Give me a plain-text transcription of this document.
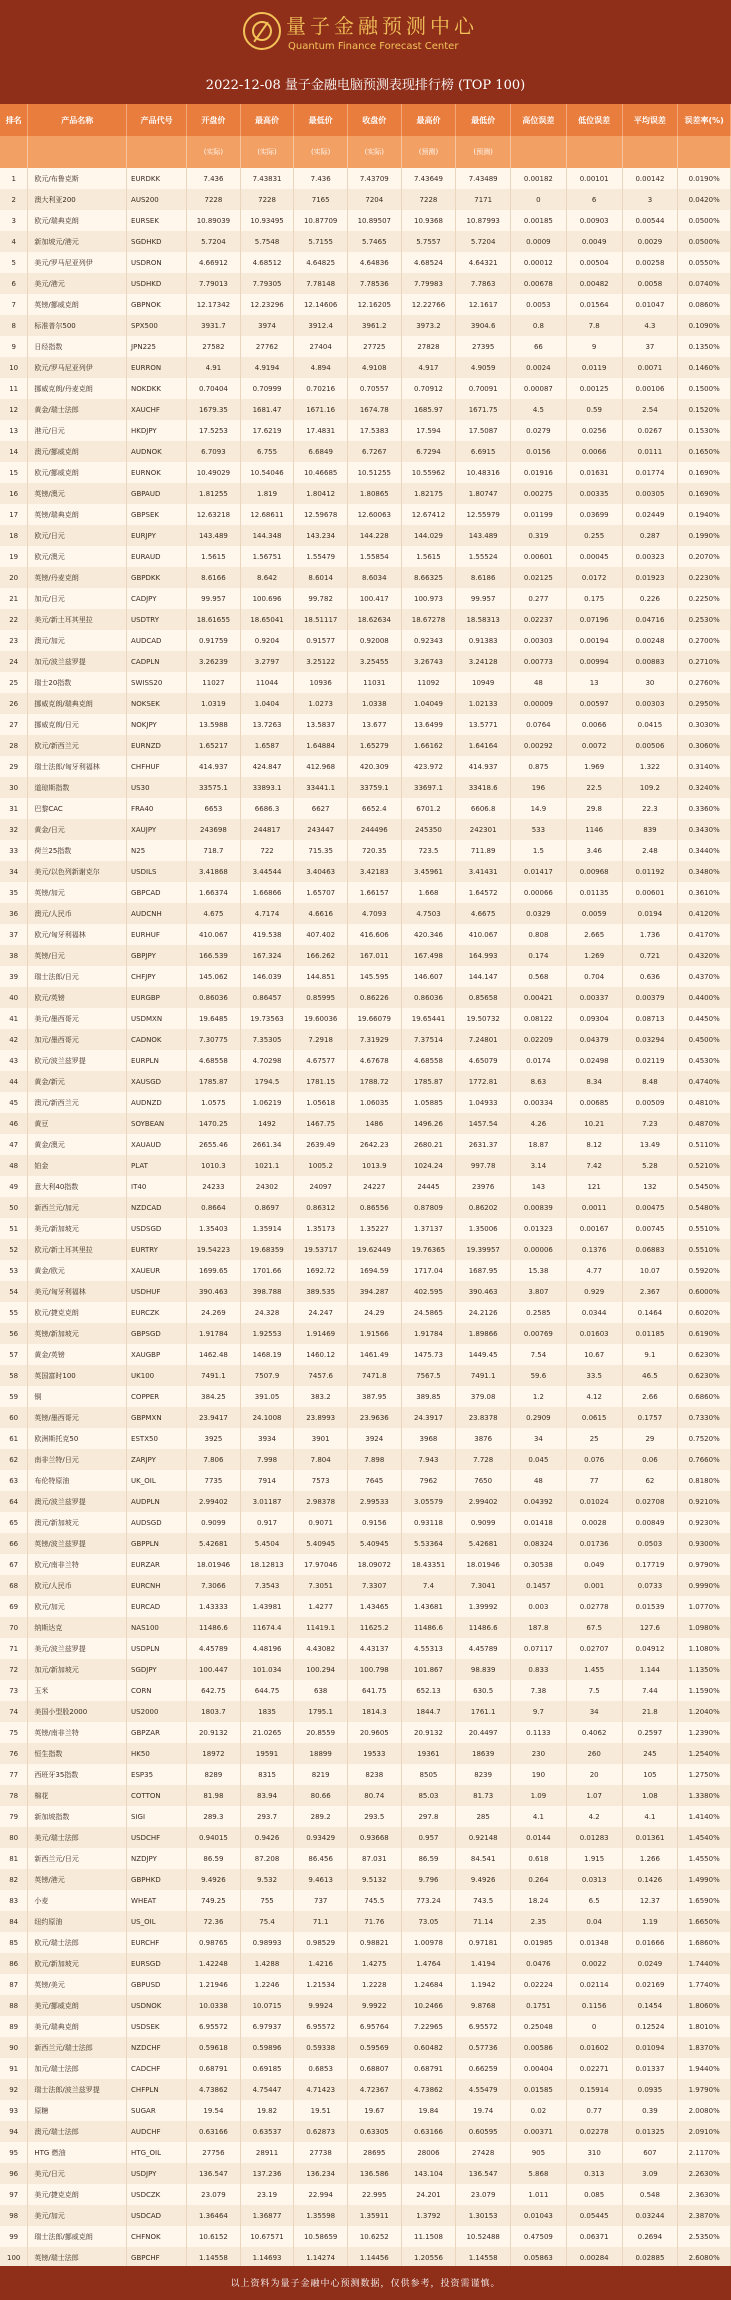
量子金融预测中心
Quantum Finance Forecast Center
2022-12-08 量子金融电脑预测表现排行榜 (TOP 100)
排名	产品名称	产品代号	开盘价	最高价	最低价	收盘价	最高价	最低价	高位误差	低位误差	平均误差	误差率(%)
			(实际)	(实际)	(实际)	(实际)	(预测)	(预测)				
1	欧元/布鲁克斯	EURDKK	7.436	7.43831	7.436	7.43709	7.43649	7.43489	0.00182	0.00101	0.00142	0.0190%
2	澳大利亚200	AUS200	7228	7228	7165	7204	7228	7171	0	6	3	0.0420%
3	欧元/瑞典克朗	EURSEK	10.89039	10.93495	10.87709	10.89507	10.9368	10.87993	0.00185	0.00903	0.00544	0.0500%
4	新加坡元/港元	SGDHKD	5.7204	5.7548	5.7155	5.7465	5.7557	5.7204	0.0009	0.0049	0.0029	0.0500%
5	美元/罗马尼亚列伊	USDRON	4.66912	4.68512	4.64825	4.64836	4.68524	4.64321	0.00012	0.00504	0.00258	0.0550%
6	美元/港元	USDHKD	7.79013	7.79305	7.78148	7.78536	7.79983	7.7863	0.00678	0.00482	0.0058	0.0740%
7	英镑/挪威克朗	GBPNOK	12.17342	12.23296	12.14606	12.16205	12.22766	12.1617	0.0053	0.01564	0.01047	0.0860%
8	标准普尔500	SPX500	3931.7	3974	3912.4	3961.2	3973.2	3904.6	0.8	7.8	4.3	0.1090%
9	日经指数	JPN225	27582	27762	27404	27725	27828	27395	66	9	37	0.1350%
10	欧元/罗马尼亚列伊	EURRON	4.91	4.9194	4.894	4.9108	4.917	4.9059	0.0024	0.0119	0.0071	0.1460%
11	挪威克朗/丹麦克朗	NOKDKK	0.70404	0.70999	0.70216	0.70557	0.70912	0.70091	0.00087	0.00125	0.00106	0.1500%
12	黄金/瑞士法郎	XAUCHF	1679.35	1681.47	1671.16	1674.78	1685.97	1671.75	4.5	0.59	2.54	0.1520%
13	港元/日元	HKDJPY	17.5253	17.6219	17.4831	17.5383	17.594	17.5087	0.0279	0.0256	0.0267	0.1530%
14	澳元/挪威克朗	AUDNOK	6.7093	6.755	6.6849	6.7267	6.7294	6.6915	0.0156	0.0066	0.0111	0.1650%
15	欧元/挪威克朗	EURNOK	10.49029	10.54046	10.46685	10.51255	10.55962	10.48316	0.01916	0.01631	0.01774	0.1690%
16	英镑/澳元	GBPAUD	1.81255	1.819	1.80412	1.80865	1.82175	1.80747	0.00275	0.00335	0.00305	0.1690%
17	英镑/瑞典克朗	GBPSEK	12.63218	12.68611	12.59678	12.60063	12.67412	12.55979	0.01199	0.03699	0.02449	0.1940%
18	欧元/日元	EURJPY	143.489	144.348	143.234	144.228	144.029	143.489	0.319	0.255	0.287	0.1990%
19	欧元/澳元	EURAUD	1.5615	1.56751	1.55479	1.55854	1.5615	1.55524	0.00601	0.00045	0.00323	0.2070%
20	英镑/丹麦克朗	GBPDKK	8.6166	8.642	8.6014	8.6034	8.66325	8.6186	0.02125	0.0172	0.01923	0.2230%
21	加元/日元	CADJPY	99.957	100.696	99.782	100.417	100.973	99.957	0.277	0.175	0.226	0.2250%
22	美元/新土耳其里拉	USDTRY	18.61655	18.65041	18.51117	18.62634	18.67278	18.58313	0.02237	0.07196	0.04716	0.2530%
23	澳元/加元	AUDCAD	0.91759	0.9204	0.91577	0.92008	0.92343	0.91383	0.00303	0.00194	0.00248	0.2700%
24	加元/波兰兹罗提	CADPLN	3.26239	3.2797	3.25122	3.25455	3.26743	3.24128	0.00773	0.00994	0.00883	0.2710%
25	瑞士20指数	SWISS20	11027	11044	10936	11031	11092	10949	48	13	30	0.2760%
26	挪威克朗/瑞典克朗	NOKSEK	1.0319	1.0404	1.0273	1.0338	1.04049	1.02133	0.00009	0.00597	0.00303	0.2950%
27	挪威克朗/日元	NOKJPY	13.5988	13.7263	13.5837	13.677	13.6499	13.5771	0.0764	0.0066	0.0415	0.3030%
28	欧元/新西兰元	EURNZD	1.65217	1.6587	1.64884	1.65279	1.66162	1.64164	0.00292	0.0072	0.00506	0.3060%
29	瑞士法郎/匈牙利福林	CHFHUF	414.937	424.847	412.968	420.309	423.972	414.937	0.875	1.969	1.322	0.3140%
30	道琼斯指数	US30	33575.1	33893.1	33441.1	33759.1	33697.1	33418.6	196	22.5	109.2	0.3240%
31	巴黎CAC	FRA40	6653	6686.3	6627	6652.4	6701.2	6606.8	14.9	29.8	22.3	0.3360%
32	黄金/日元	XAUJPY	243698	244817	243447	244496	245350	242301	533	1146	839	0.3430%
33	荷兰25指数	N25	718.7	722	715.35	720.35	723.5	711.89	1.5	3.46	2.48	0.3440%
34	美元/以色列新谢克尔	USDILS	3.41868	3.44544	3.40463	3.42183	3.45961	3.41431	0.01417	0.00968	0.01192	0.3480%
35	英镑/加元	GBPCAD	1.66374	1.66866	1.65707	1.66157	1.668	1.64572	0.00066	0.01135	0.00601	0.3610%
36	澳元/人民币	AUDCNH	4.675	4.7174	4.6616	4.7093	4.7503	4.6675	0.0329	0.0059	0.0194	0.4120%
37	欧元/匈牙利福林	EURHUF	410.067	419.538	407.402	416.606	420.346	410.067	0.808	2.665	1.736	0.4170%
38	英镑/日元	GBPJPY	166.539	167.324	166.262	167.011	167.498	164.993	0.174	1.269	0.721	0.4320%
39	瑞士法郎/日元	CHFJPY	145.062	146.039	144.851	145.595	146.607	144.147	0.568	0.704	0.636	0.4370%
40	欧元/英镑	EURGBP	0.86036	0.86457	0.85995	0.86226	0.86036	0.85658	0.00421	0.00337	0.00379	0.4400%
41	美元/墨西哥元	USDMXN	19.6485	19.73563	19.60036	19.66079	19.65441	19.50732	0.08122	0.09304	0.08713	0.4450%
42	加元/墨西哥元	CADNOK	7.30775	7.35305	7.2918	7.31929	7.37514	7.24801	0.02209	0.04379	0.03294	0.4500%
43	欧元/波兰兹罗提	EURPLN	4.68558	4.70298	4.67577	4.67678	4.68558	4.65079	0.0174	0.02498	0.02119	0.4530%
44	黄金/新元	XAUSGD	1785.87	1794.5	1781.15	1788.72	1785.87	1772.81	8.63	8.34	8.48	0.4740%
45	澳元/新西兰元	AUDNZD	1.0575	1.06219	1.05618	1.06035	1.05885	1.04933	0.00334	0.00685	0.00509	0.4810%
46	黄豆	SOYBEAN	1470.25	1492	1467.75	1486	1496.26	1457.54	4.26	10.21	7.23	0.4870%
47	黄金/澳元	XAUAUD	2655.46	2661.34	2639.49	2642.23	2680.21	2631.37	18.87	8.12	13.49	0.5110%
48	铂金	PLAT	1010.3	1021.1	1005.2	1013.9	1024.24	997.78	3.14	7.42	5.28	0.5210%
49	意大利40指数	IT40	24233	24302	24097	24227	24445	23976	143	121	132	0.5450%
50	新西兰元/加元	NZDCAD	0.8664	0.8697	0.86312	0.86556	0.87809	0.86202	0.00839	0.0011	0.00475	0.5480%
51	美元/新加坡元	USDSGD	1.35403	1.35914	1.35173	1.35227	1.37137	1.35006	0.01323	0.00167	0.00745	0.5510%
52	欧元/新土耳其里拉	EURTRY	19.54223	19.68359	19.53717	19.62449	19.76365	19.39957	0.00006	0.1376	0.06883	0.5510%
53	黄金/欧元	XAUEUR	1699.65	1701.66	1692.72	1694.59	1717.04	1687.95	15.38	4.77	10.07	0.5920%
54	美元/匈牙利福林	USDHUF	390.463	398.788	389.535	394.287	402.595	390.463	3.807	0.929	2.367	0.6000%
55	欧元/捷克克朗	EURCZK	24.269	24.328	24.247	24.29	24.5865	24.2126	0.2585	0.0344	0.1464	0.6020%
56	英镑/新加坡元	GBPSGD	1.91784	1.92553	1.91469	1.91566	1.91784	1.89866	0.00769	0.01603	0.01185	0.6190%
57	黄金/英镑	XAUGBP	1462.48	1468.19	1460.12	1461.49	1475.73	1449.45	7.54	10.67	9.1	0.6230%
58	英国富时100	UK100	7491.1	7507.9	7457.6	7471.8	7567.5	7491.1	59.6	33.5	46.5	0.6230%
59	铜	COPPER	384.25	391.05	383.2	387.95	389.85	379.08	1.2	4.12	2.66	0.6860%
60	英镑/墨西哥元	GBPMXN	23.9417	24.1008	23.8993	23.9636	24.3917	23.8378	0.2909	0.0615	0.1757	0.7330%
61	欧洲斯托克50	ESTX50	3925	3934	3901	3924	3968	3876	34	25	29	0.7520%
62	南非兰特/日元	ZARJPY	7.806	7.998	7.804	7.898	7.943	7.728	0.045	0.076	0.06	0.7660%
63	布伦特原油	UK_OIL	7735	7914	7573	7645	7962	7650	48	77	62	0.8180%
64	澳元/波兰兹罗提	AUDPLN	2.99402	3.01187	2.98378	2.99533	3.05579	2.99402	0.04392	0.01024	0.02708	0.9210%
65	澳元/新加坡元	AUDSGD	0.9099	0.917	0.9071	0.9156	0.93118	0.9099	0.01418	0.0028	0.00849	0.9230%
66	英镑/波兰兹罗提	GBPPLN	5.42681	5.4504	5.40945	5.40945	5.53364	5.42681	0.08324	0.01736	0.0503	0.9300%
67	欧元/南非兰特	EURZAR	18.01946	18.12813	17.97046	18.09072	18.43351	18.01946	0.30538	0.049	0.17719	0.9790%
68	欧元/人民币	EURCNH	7.3066	7.3543	7.3051	7.3307	7.4	7.3041	0.1457	0.001	0.0733	0.9990%
69	欧元/加元	EURCAD	1.43333	1.43981	1.4277	1.43465	1.43681	1.39992	0.003	0.02778	0.01539	1.0770%
70	纳斯达克	NAS100	11486.6	11674.4	11419.1	11625.2	11486.6	11486.6	187.8	67.5	127.6	1.0980%
71	美元/波兰兹罗提	USDPLN	4.45789	4.48196	4.43082	4.43137	4.55313	4.45789	0.07117	0.02707	0.04912	1.1080%
72	加元/新加坡元	SGDJPY	100.447	101.034	100.294	100.798	101.867	98.839	0.833	1.455	1.144	1.1350%
73	玉米	CORN	642.75	644.75	638	641.75	652.13	630.5	7.38	7.5	7.44	1.1590%
74	美国小型股2000	US2000	1803.7	1835	1795.1	1814.3	1844.7	1761.1	9.7	34	21.8	1.2040%
75	英镑/南非兰特	GBPZAR	20.9132	21.0265	20.8559	20.9605	20.9132	20.4497	0.1133	0.4062	0.2597	1.2390%
76	恒生指数	HK50	18972	19591	18899	19533	19361	18639	230	260	245	1.2540%
77	西班牙35指数	ESP35	8289	8315	8219	8238	8505	8239	190	20	105	1.2750%
78	棉花	COTTON	81.98	83.94	80.66	80.74	85.03	81.73	1.09	1.07	1.08	1.3380%
79	新加坡指数	SIGI	289.3	293.7	289.2	293.5	297.8	285	4.1	4.2	4.1	1.4140%
80	美元/瑞士法郎	USDCHF	0.94015	0.9426	0.93429	0.93668	0.957	0.92148	0.0144	0.01283	0.01361	1.4540%
81	新西兰元/日元	NZDJPY	86.59	87.208	86.456	87.031	86.59	84.541	0.618	1.915	1.266	1.4550%
82	英镑/港元	GBPHKD	9.4926	9.532	9.4613	9.5132	9.796	9.4926	0.264	0.0313	0.1426	1.4990%
83	小麦	WHEAT	749.25	755	737	745.5	773.24	743.5	18.24	6.5	12.37	1.6590%
84	纽约原油	US_OIL	72.36	75.4	71.1	71.76	73.05	71.14	2.35	0.04	1.19	1.6650%
85	欧元/瑞士法郎	EURCHF	0.98765	0.98993	0.98529	0.98821	1.00978	0.97181	0.01985	0.01348	0.01666	1.6860%
86	欧元/新加坡元	EURSGD	1.42248	1.4288	1.4216	1.4275	1.4764	1.4194	0.0476	0.0022	0.0249	1.7440%
87	英镑/美元	GBPUSD	1.21946	1.2246	1.21534	1.2228	1.24684	1.1942	0.02224	0.02114	0.02169	1.7740%
88	美元/挪威克朗	USDNOK	10.0338	10.0715	9.9924	9.9922	10.2466	9.8768	0.1751	0.1156	0.1454	1.8060%
89	美元/瑞典克朗	USDSEK	6.95572	6.97937	6.95572	6.95764	7.22965	6.95572	0.25048	0	0.12524	1.8010%
90	新西兰元/瑞士法郎	NZDCHF	0.59618	0.59896	0.59338	0.59569	0.60482	0.57736	0.00586	0.01602	0.01094	1.8370%
91	加元/瑞士法郎	CADCHF	0.68791	0.69185	0.6853	0.68807	0.68791	0.66259	0.00404	0.02271	0.01337	1.9440%
92	瑞士法郎/波兰兹罗提	CHFPLN	4.73862	4.75447	4.71423	4.72367	4.73862	4.55479	0.01585	0.15914	0.0935	1.9790%
93	原糖	SUGAR	19.54	19.82	19.51	19.67	19.84	19.74	0.02	0.77	0.39	2.0080%
94	澳元/瑞士法郎	AUDCHF	0.63166	0.63537	0.62873	0.63305	0.63166	0.60595	0.00371	0.02278	0.01325	2.0910%
95	HTG 燃油	HTG_OIL	27756	28911	27738	28695	28006	27428	905	310	607	2.1170%
96	美元/日元	USDJPY	136.547	137.236	136.234	136.586	143.104	136.547	5.868	0.313	3.09	2.2630%
97	美元/捷克克朗	USDCZK	23.079	23.19	22.994	22.995	24.201	23.079	1.011	0.085	0.548	2.3630%
98	美元/加元	USDCAD	1.36464	1.36877	1.35598	1.35911	1.3792	1.30153	0.01043	0.05445	0.03244	2.3870%
99	瑞士法郎/挪威克朗	CHFNOK	10.6152	10.67571	10.58659	10.6252	11.1508	10.52488	0.47509	0.06371	0.2694	2.5350%
100	英镑/瑞士法郎	GBPCHF	1.14558	1.14693	1.14274	1.14456	1.20556	1.14558	0.05863	0.00284	0.02885	2.6080%
以上资料为量子金融中心预测数据，仅供参考，投资需谨慎。
